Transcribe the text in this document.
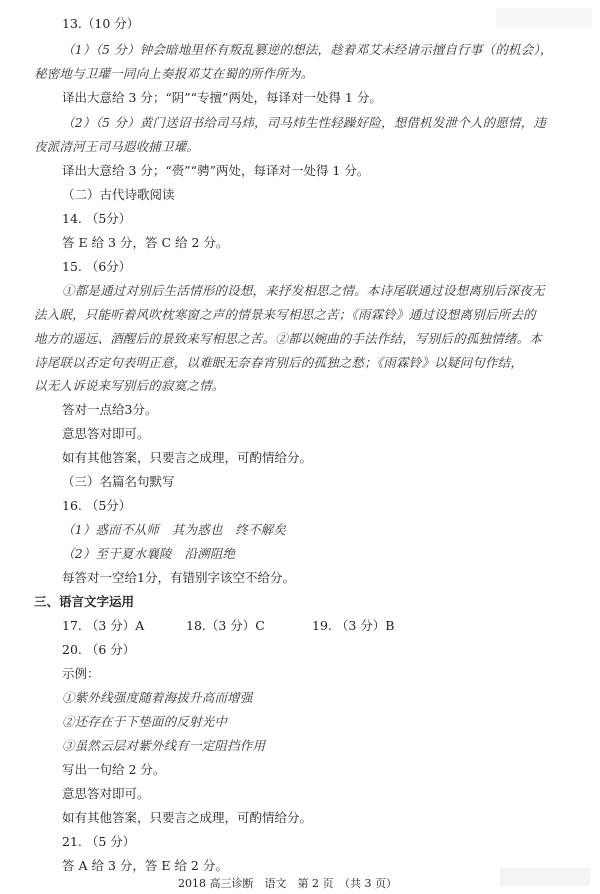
13.（10 分）
（1）（5 分）钟会暗地里怀有叛乱篡逆的想法，趁着邓艾未经请示擅自行事（的机会），
秘密地与卫瓘一同向上奏报邓艾在蜀的所作所为。
译出大意给 3 分；“阴”“专擅”两处，每译对一处得 1 分。
（2）（5 分）黄门送诏书给司马炜，司马炜生性轻躁好险，想借机发泄个人的愿情，违
夜派清河王司马遐收捕卫瓘。
译出大意给 3 分；“赍”“骋”两处，每译对一处得 1 分。
（二）古代诗歌阅读
14. （5分）
答 E 给 3 分，答 C 给 2 分。
15. （6分）
①都是通过对别后生活情形的设想，来抒发相思之情。本诗尾联通过设想离别后深夜无
法入眠，只能听着风吹枕寒窗之声的情景来写相思之苦；《雨霖铃》通过设想离别后所去的
地方的遥远、酒醒后的景致来写相思之苦。②都以婉曲的手法作结，写别后的孤独情绪。本
诗尾联以否定句表明正意，以难眠无奈春宵别后的孤独之愁；《雨霖铃》以疑问句作结，
以无人诉说来写别后的寂寞之情。
答对一点给3分。
意思答对即可。
如有其他答案，只要言之成理，可酌情给分。
（三）名篇名句默写
16. （5分）
（1）惑而不从师　其为惑也　终不解矣
（2）至于夏水襄陵　沿溯阻绝
每答对一空给1分，有错别字该空不给分。
三、语言文字运用
17. （3 分）A	18.（3 分）C	19. （3 分）B
20. （6 分）
示例：
①紫外线强度随着海拔升高而增强
②还存在于下垫面的反射光中
③虽然云层对紫外线有一定阻挡作用
写出一句给 2 分。
意思答对即可。
如有其他答案，只要言之成理，可酌情给分。
21. （5 分）
答 A 给 3 分，答 E 给 2 分。
2018 高三诊断　语文　第 2 页　（共 3 页）
